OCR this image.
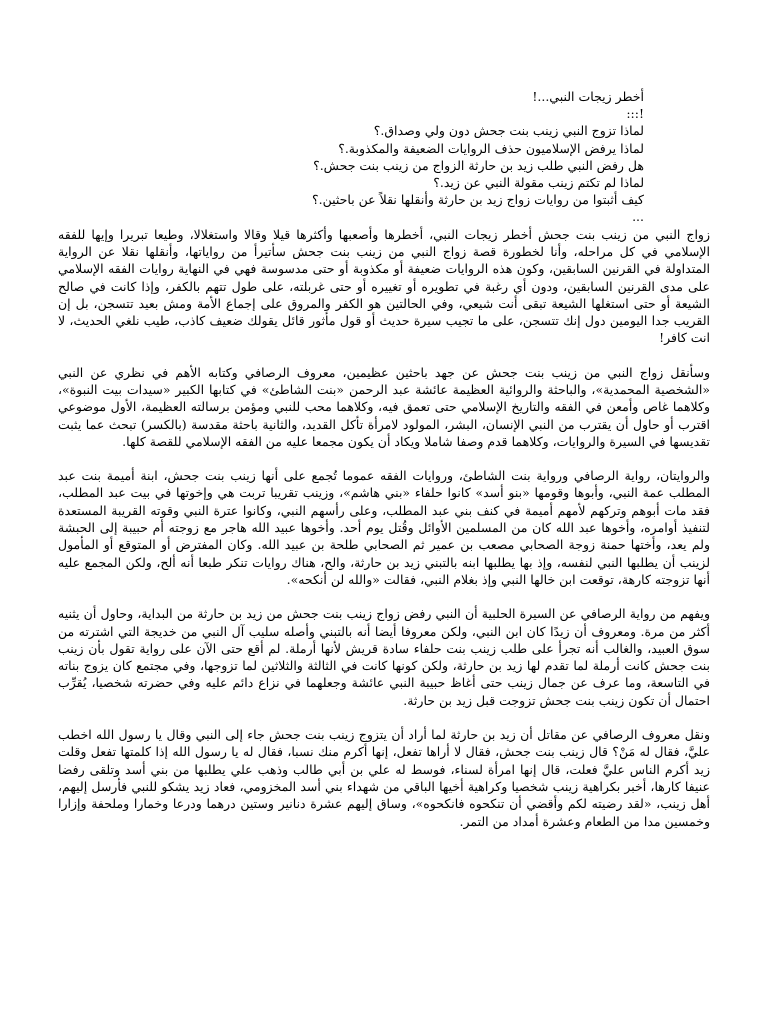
أخطر زيجات النبي...!
!:::
لماذا تزوج النبي زينب بنت جحش دون ولي وصداق.؟
لماذا يرفض الإسلاميون حذف الروايات الضعيفة والمكذوبة.؟
هل رفض النبي طلب زيد بن حارثة الزواج من زينب بنت جحش.؟
لماذا لم تكتم زينب مقولة النبي عن زيد.؟
كيف أثبتوا من روايات زواج زيد بن حارثة وأنقلها نقلاً عن باحثين.؟
...

زواج النبي من زينب بنت جحش أخطر زيجات النبي، أخطرها وأصعبها وأكثرها قيلا وقالا واستغلالا، وطيعا تبريرا وإيها للفقه الإسلامي في كل مراحله، وأنا لخطورة قصة زواج النبي من زينب بنت جحش سأتيرأ من رواياتها، وأنقلها نقلا عن الرواية المتداولة في القرنين السابقين، وكون هذه الروايات ضعيفة أو مكذوبة أو حتى مدسوسة فهي في النهاية روايات الفقه الإسلامي على مدى القرنين السابقين، ودون أي رغبة في تطويره أو تغييره أو حتى غربلته، على طول تتهم بالكفر، وإذا كانت في صالح الشيعة أو حتى استغلها الشيعة تبقى أنت شيعي، وفي الحالتين هو الكفر والمروق على إجماع الأمة ومش بعيد تتسجن، بل إن القريب جدا اليومين دول إنك تتسجن، على ما تجيب سيرة حديث أو قول مأثور قائل يقولك ضعيف كاذب، طيب نلغي الحديث، لا انت كافر!

وسأنقل زواج النبي من زينب بنت جحش عن جهد باحثين عظيمين، معروف الرصافي وكتابه الأهم في نظري عن النبي «الشخصية المحمدية»، والباحثة والروائية العظيمة عائشة عبد الرحمن «بنت الشاطئ» في كتابها الكبير «سيدات بيت النبوة»، وكلاهما غاص وأمعن في الفقه والتاريخ الإسلامي حتى تعمق فيه، وكلاهما محب للنبي ومؤمن برسالته العظيمة، الأول موضوعي اقترب أو حاول أن يقترب من النبي الإنسان، البشر، المولود لامرأة تأكل القديد، والثانية باحثة مقدسة (بالكسر) تبحث عما يثبت تقديسها في السيرة والروايات، وكلاهما قدم وصفا شاملا ويكاد أن يكون مجمعا عليه من الفقه الإسلامي للقصة كلها.

والروايتان، رواية الرصافي ورواية بنت الشاطئ، وروايات الفقه عموما تُجمع على أنها زينب بنت جحش، ابنة أميمة بنت عبد المطلب عمة النبي، وأبوها وقومها «بنو أسد» كانوا حلفاء «بني هاشم»، وزينب تقريبا تربت هي وإخوتها في بيت عبد المطلب، فقد مات أبوهم وتركهم لأمهم أميمة في كنف بني عبد المطلب، وعلى رأسهم النبي، وكانوا عترة النبي وقوته القريبة المستعدة لتنفيذ أوامره، وأخوها عبد الله كان من المسلمين الأوائل وقُتل يوم أحد. وأخوها عبيد الله هاجر مع زوجته أم حبيبة إلى الحبشة ولم يعد، وأختها حمنة زوجة الصحابي مصعب بن عمير ثم الصحابي طلحة بن عبيد الله. وكان المفترض أو المتوقع أو المأمول لزينب أن يطلبها النبي لنفسه، وإذ بها يطلبها ابنه بالتبني زيد بن حارثة، والح، هناك روايات تنكر طبعا أنه ألح، ولكن المجمع عليه أنها تزوجته كارهة، توقعت ابن خالها النبي وإذ بغلام النبي، فقالت «والله لن أنكحه».

ويفهم من رواية الرصافي عن السيرة الحلبية أن النبي رفض زواج زينب بنت جحش من زيد بن حارثة من البداية، وحاول أن يثنيه أكثر من مرة. ومعروف أن زيدًا كان ابن النبي، ولكن معروفا أيضا أنه بالتبني وأصله سليب آل النبي من خديجة التي اشترته من سوق العبيد، والغالب أنه تجرأ على طلب زينب بنت حلفاء سادة قريش لأنها أرملة. لم أقع حتى الآن على رواية تقول بأن زينب بنت جحش كانت أرملة لما تقدم لها زيد بن حارثة، ولكن كونها كانت في الثالثة والثلاثين لما تزوجها، وفي مجتمع كان يزوج بناته في التاسعة، وما عرف عن جمال زينب حتى أغاظ حبيبة النبي عائشة وجعلهما في نزاع دائم عليه وفي حضرته شخصيا، يُقرِّب احتمال أن تكون زينب بنت جحش تزوجت قبل زيد بن حارثة.

ونقل معروف الرصافي عن مقاتل أن زيد بن حارثة لما أراد أن يتزوج زينب بنت جحش جاء إلى النبي وقال يا رسول الله اخطب عليَّ، فقال له مَنْ؟ قال زينب بنت جحش، فقال لا أراها تفعل، إنها أكرم منك نسبا، فقال له يا رسول الله إذا كلمتها تفعل وقلت زيد أكرم الناس عليَّ فعلت، قال إنها امرأة لسناء، فوسط له علي بن أبي طالب وذهب علي يطلبها من بني أسد وتلقى رفضا عنيفا كارها، أخبر بكراهية زينب شخصيا وكراهية أخيها الباقي من شهداء بني أسد المخزومي، فعاد زيد يشكو للنبي فأرسل إليهم، أهل زينب، «لقد رضيته لكم وأقضي أن تنكحوه فانكحوه»، وساق إليهم عشرة دنانير وستين درهما ودرعا وخمارا وملحفة وإزارا وخمسين مدا من الطعام وعشرة أمداد من التمر.
